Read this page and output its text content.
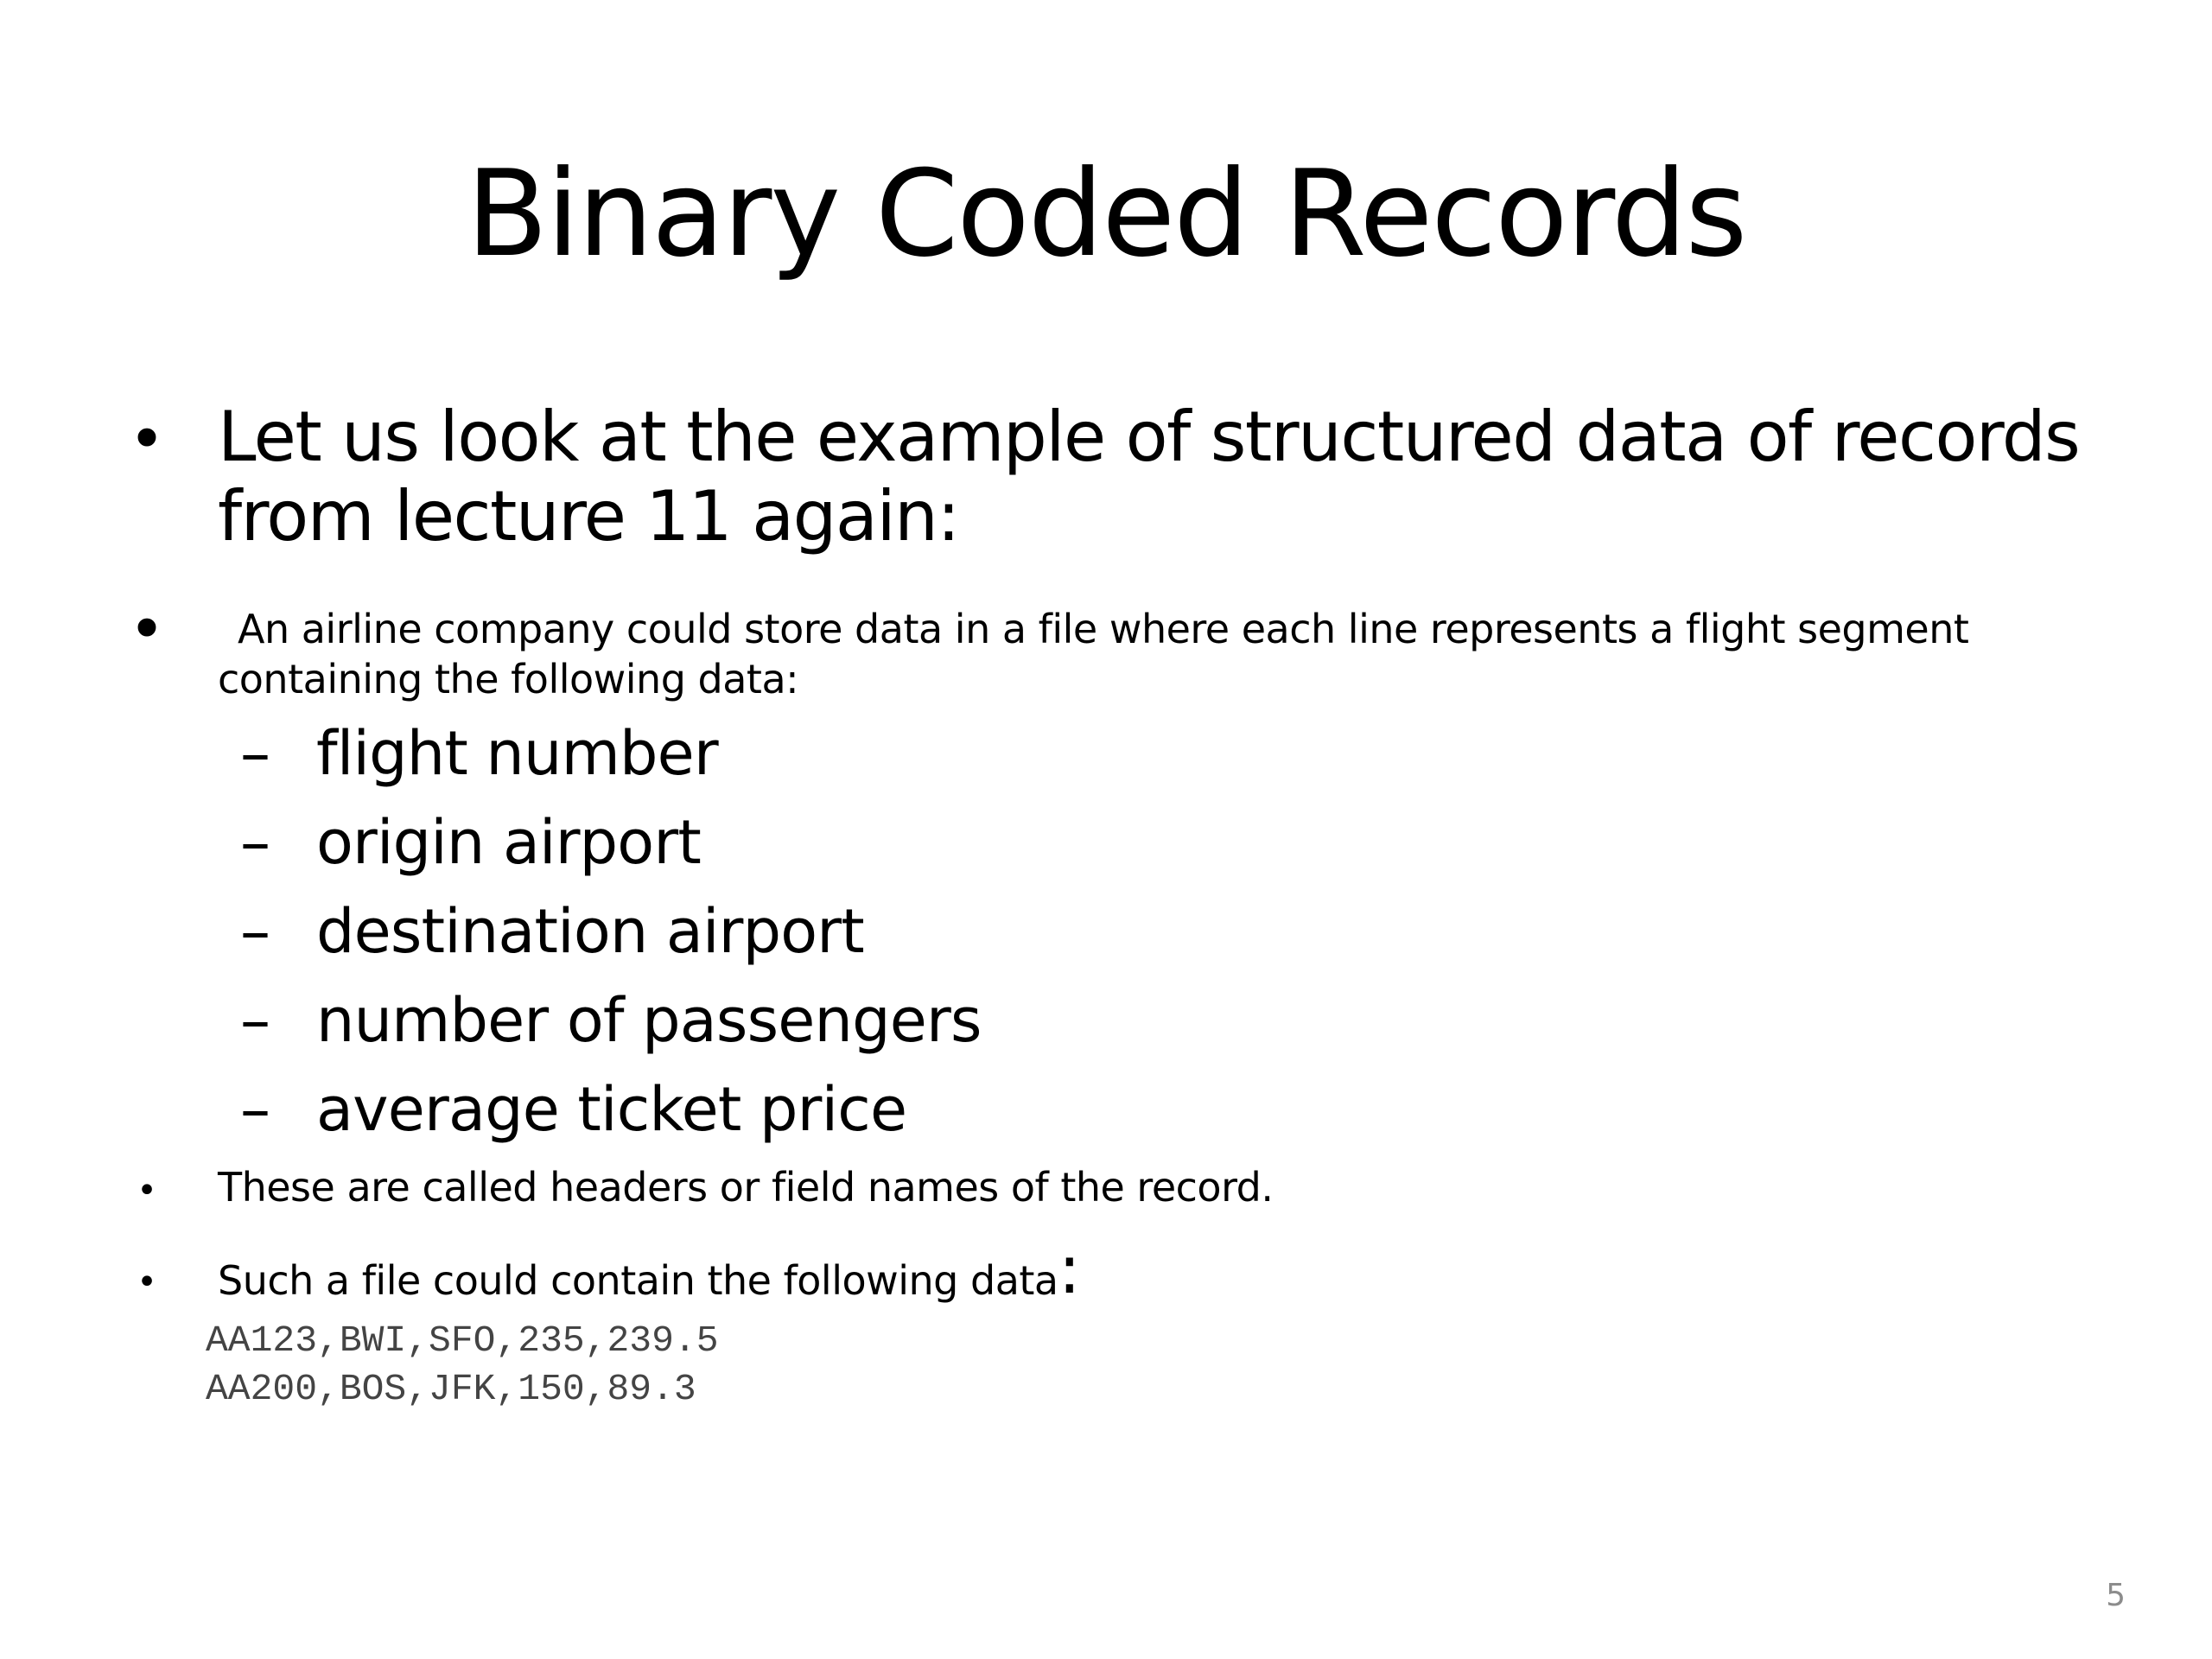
Binary Coded Records
• Let us look at the example of structured data of records
from lecture 11 again:
• An airline company could store data in a file where each line represents a flight segment
containing the following data:
– flight number
– origin airport
– destination airport
– number of passengers
– average ticket price
•	These are called headers or field names of the record.
•	Such a file could contain the following data:
AA123,BWI,SFO,235,239.5
AA200,BOS,JFK,150,89.3
5
